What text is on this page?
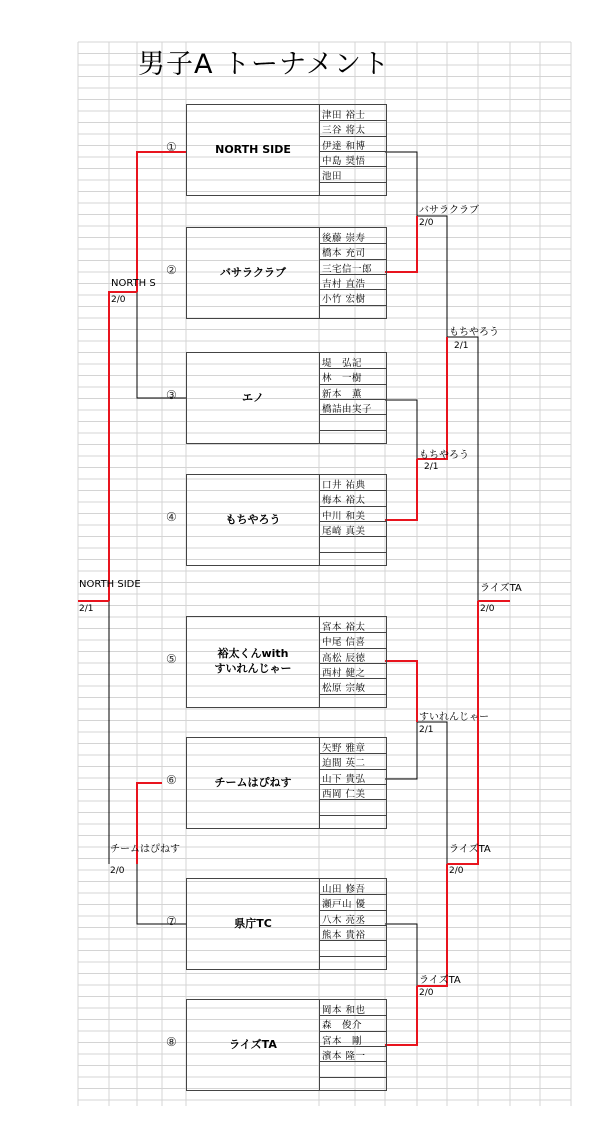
男子A トーナメント
津田 裕士
三谷 将太
伊達 和博
中島 奨悟
池田
NORTH SIDE
①
後藤 崇寿
橋本 充司
三宅信一郎
吉村 直浩
小竹 宏樹
バサラクラブ
②
堤　弘記
林　一樹
新本　薫
橋詰由実子
エノ
③
口井 祐典
梅本 裕太
中川 和美
尾崎 真美
もちやろう
④
宮本 裕太
中尾 信喜
高松 辰徳
西村 健之
松原 宗敏
裕太くんwith
すいれんじゃー
⑤
矢野 雅章
迫間 英二
山下 貴弘
西岡 仁美
チームはぴねす
⑥
山田 修吾
瀬戸山 優
八木 亮丞
熊本 貴裕
県庁TC
⑦
岡本 和也
森　俊介
宮本　剛
濱本 隆一
ライズTA
⑧
NORTH S
2/0
NORTH SIDE
2/1
チームはぴねす
2/0
バサラクラブ
2/0
もちやろう
2/1
もちやろう
2/1
ライズTA
2/0
すいれんじゃー
2/1
ライズTA
2/0
ライズTA
2/0
